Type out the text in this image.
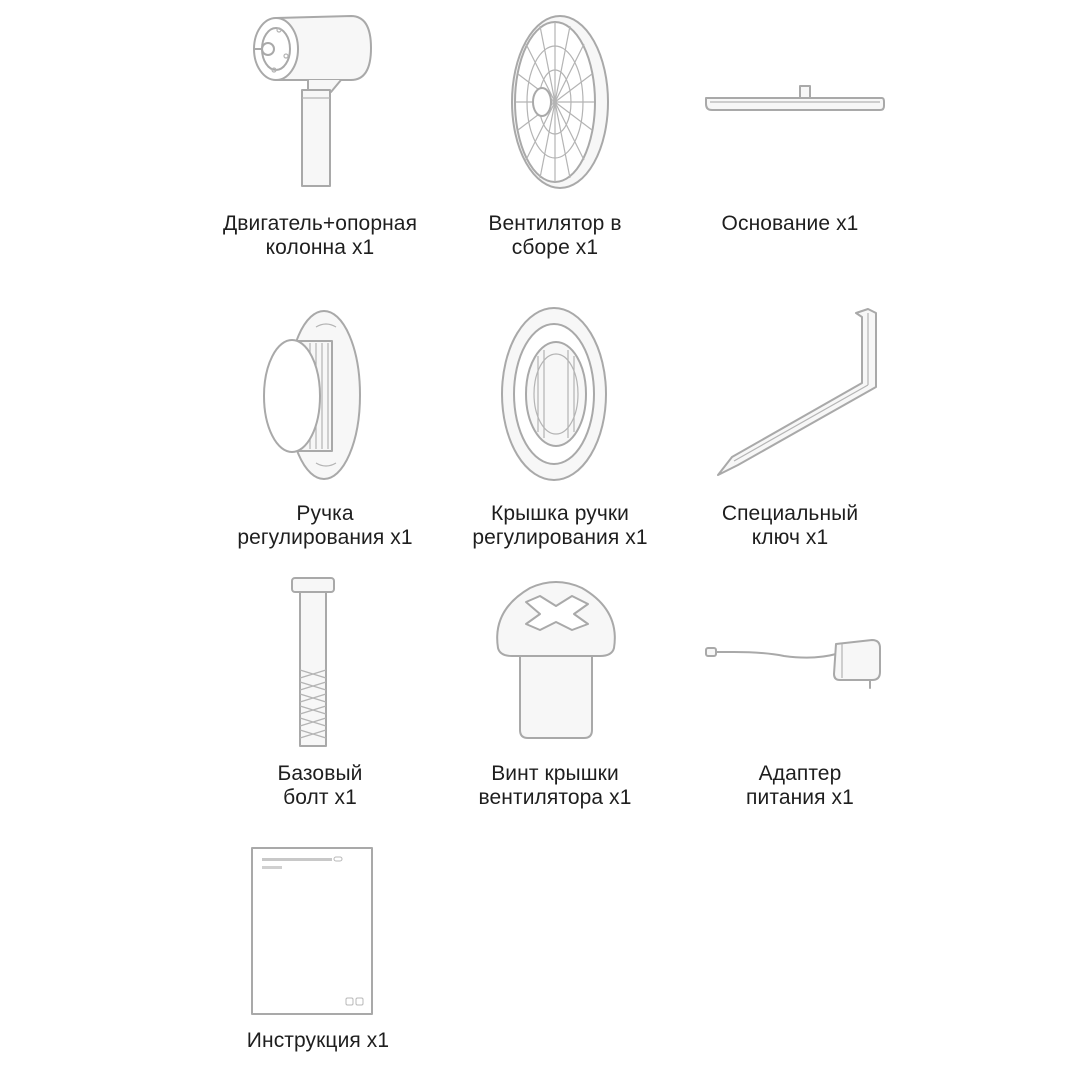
Двигатель+опорная
колонна x1
Вентилятор в
сборе x1
Основание x1
Ручка
регулирования x1
Крышка ручки
регулирования x1
Специальный
ключ x1
Базовый
болт x1
Винт крышки
вентилятора x1
Адаптер
питания x1
Инструкция x1
